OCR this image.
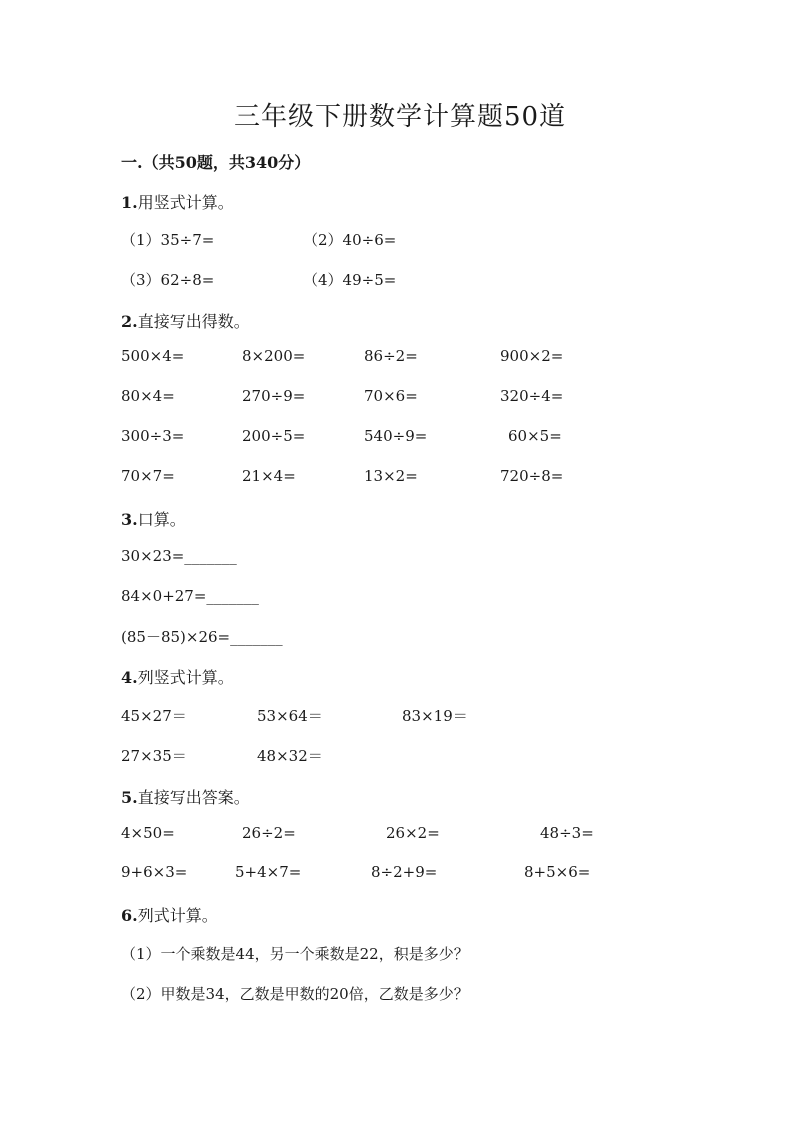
三年级下册数学计算题50道
一.（共50题，共340分）
1.用竖式计算。
（1）35÷7=	（2）40÷6=
（3）62÷8=	（4）49÷5=
2.直接写出得数。
500×4=	8×200=	86÷2=	900×2=
80×4=	270÷9=	70×6=	320÷4=
300÷3=	200÷5=	540÷9=	60×5=
70×7=	21×4=	13×2=	720÷8=
3.口算。
30×23=_______
84×0+27=_______
(85－85)×26=_______
4.列竖式计算。
45×27＝	53×64＝	83×19＝
27×35＝	48×32＝
5.直接写出答案。
4×50=	26÷2=	26×2=	48÷3=
9+6×3=	5+4×7=	8÷2+9=	8+5×6=
6.列式计算。
（1）一个乘数是44，另一个乘数是22，积是多少？
（2）甲数是34，乙数是甲数的20倍，乙数是多少？
